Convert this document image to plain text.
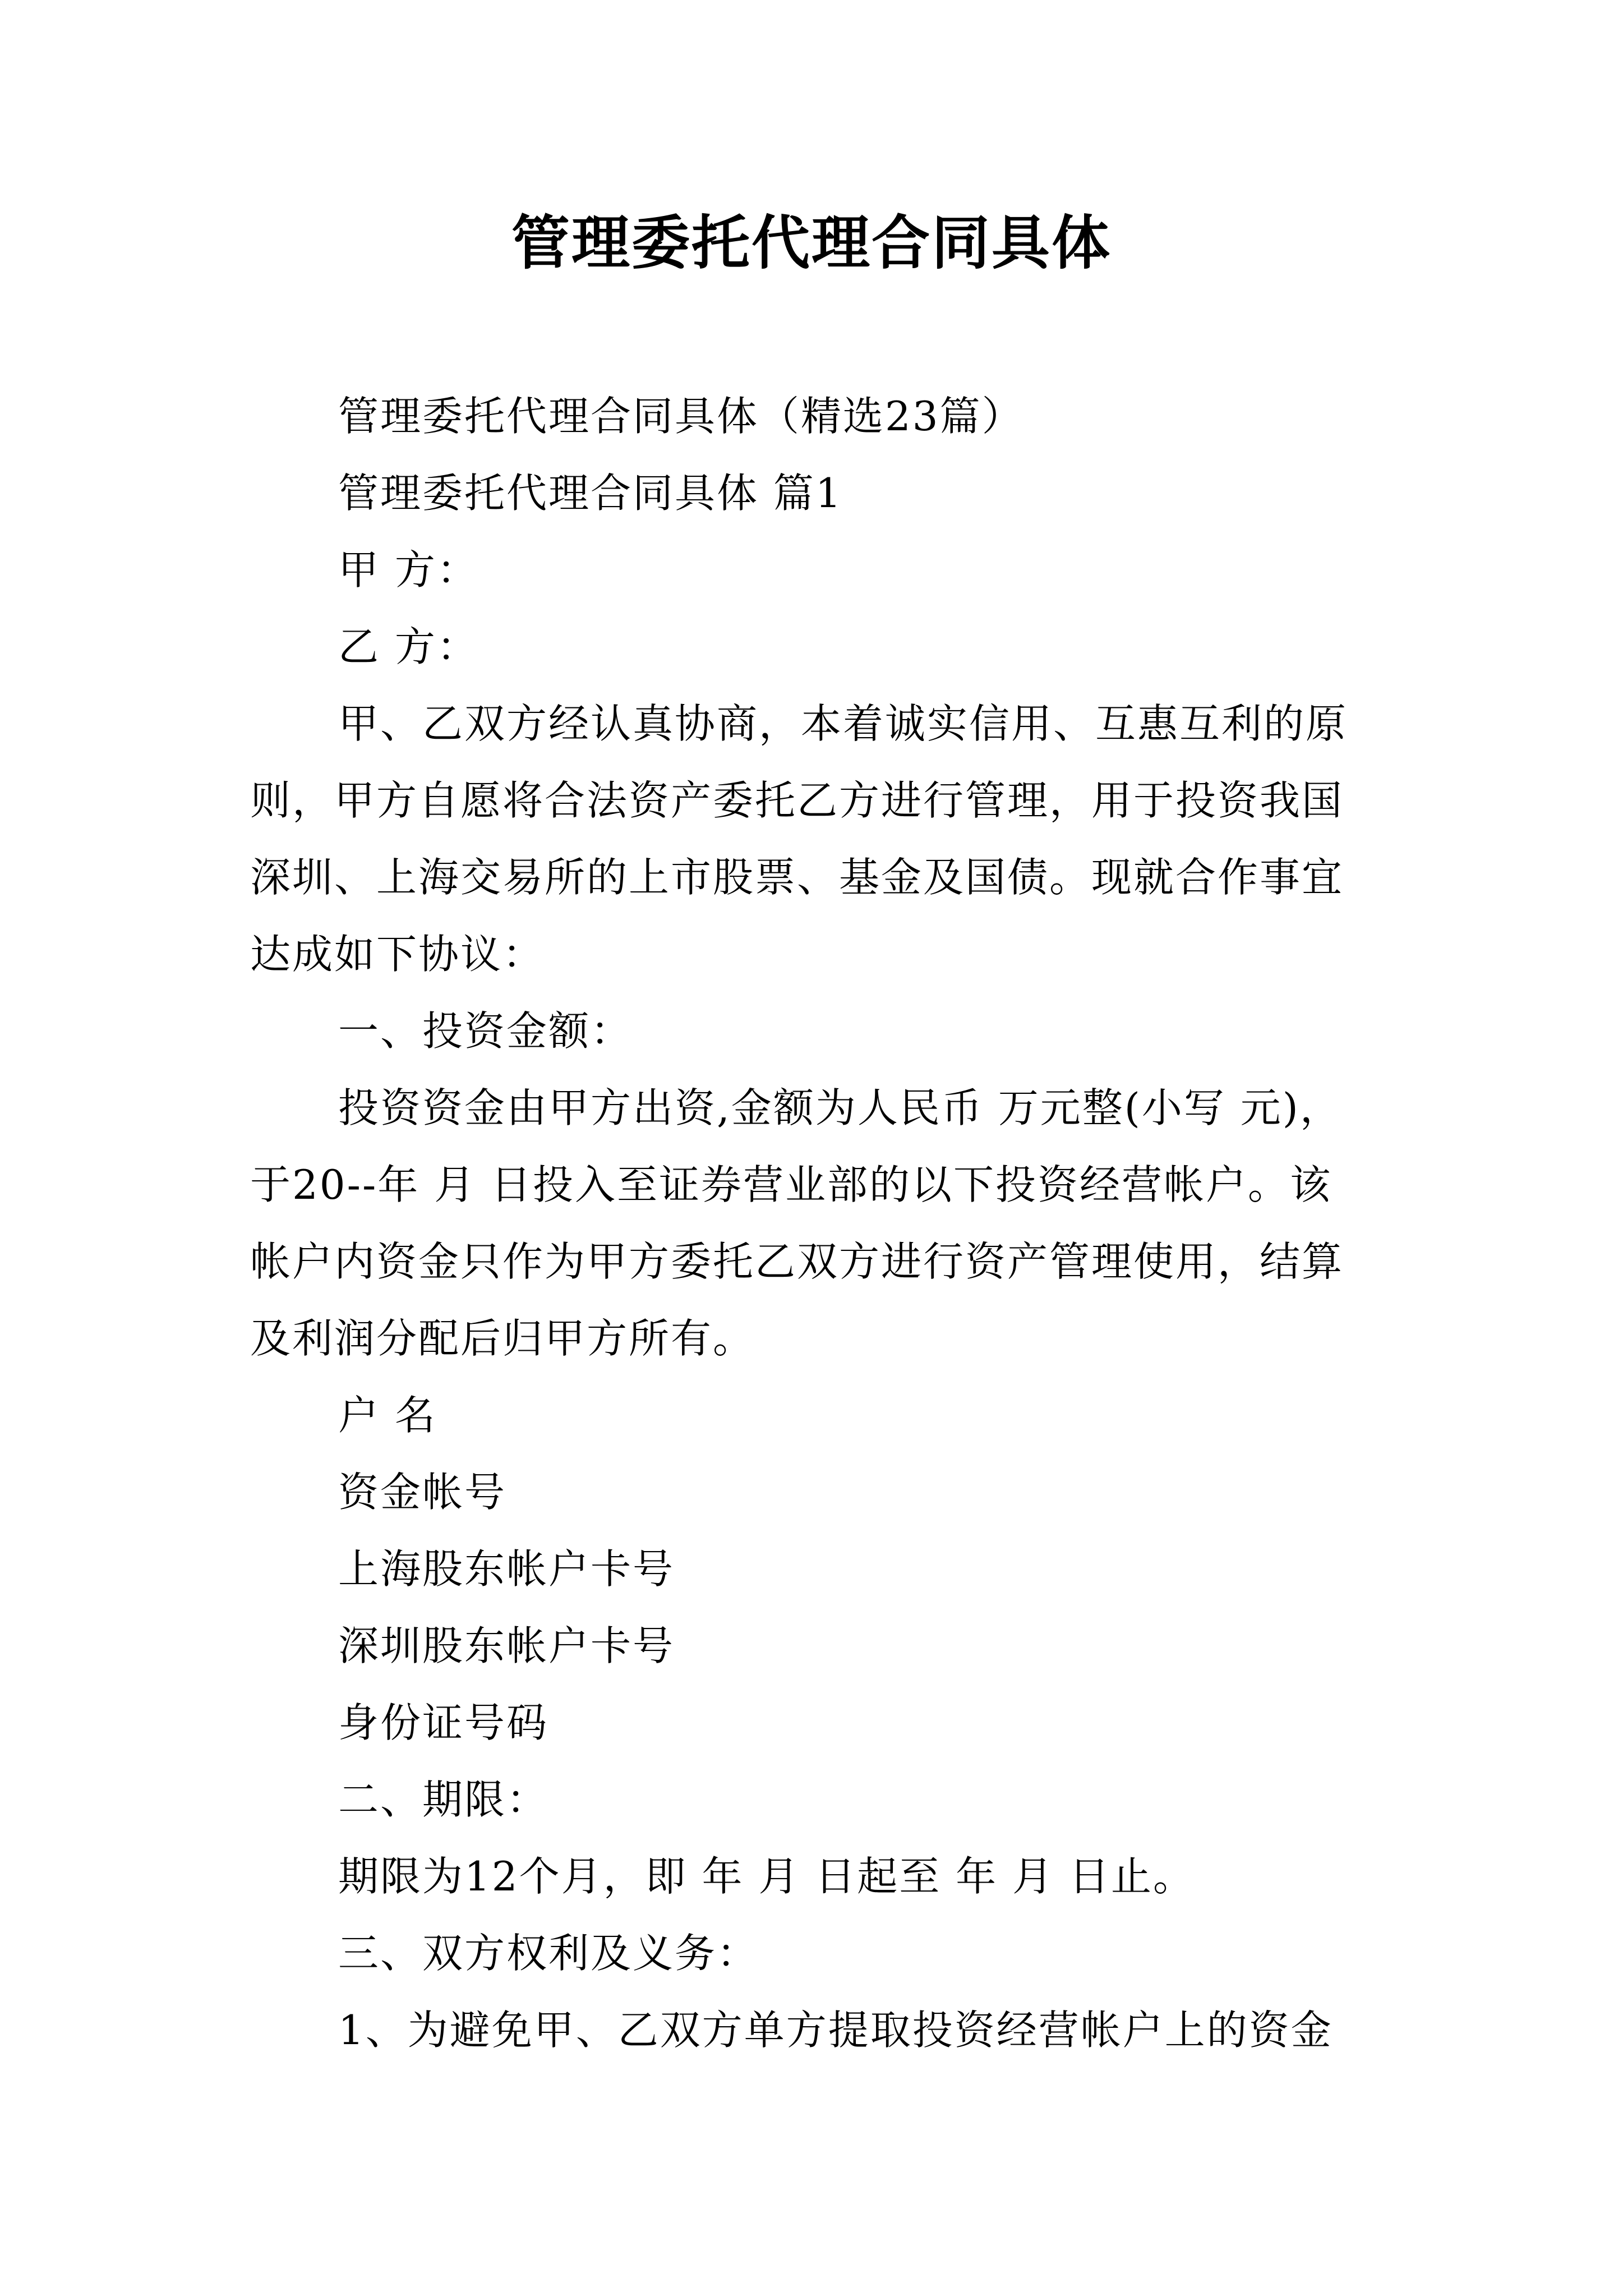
管理委托代理合同具体
管理委托代理合同具体（精选23篇）
管理委托代理合同具体 篇1
甲 方：
乙 方：
甲、乙双方经认真协商，本着诚实信用、互惠互利的原
则，甲方自愿将合法资产委托乙方进行管理，用于投资我国
深圳、上海交易所的上市股票、基金及国债。现就合作事宜
达成如下协议：
一、投资金额：
投资资金由甲方出资,金额为人民币 万元整(小写 元)，
于20--年 月 日投入至证券营业部的以下投资经营帐户。该
帐户内资金只作为甲方委托乙双方进行资产管理使用，结算
及利润分配后归甲方所有。
户 名
资金帐号
上海股东帐户卡号
深圳股东帐户卡号
身份证号码
二、期限：
期限为12个月，即 年 月 日起至 年 月 日止。
三、双方权利及义务：
1、为避免甲、乙双方单方提取投资经营帐户上的资金
